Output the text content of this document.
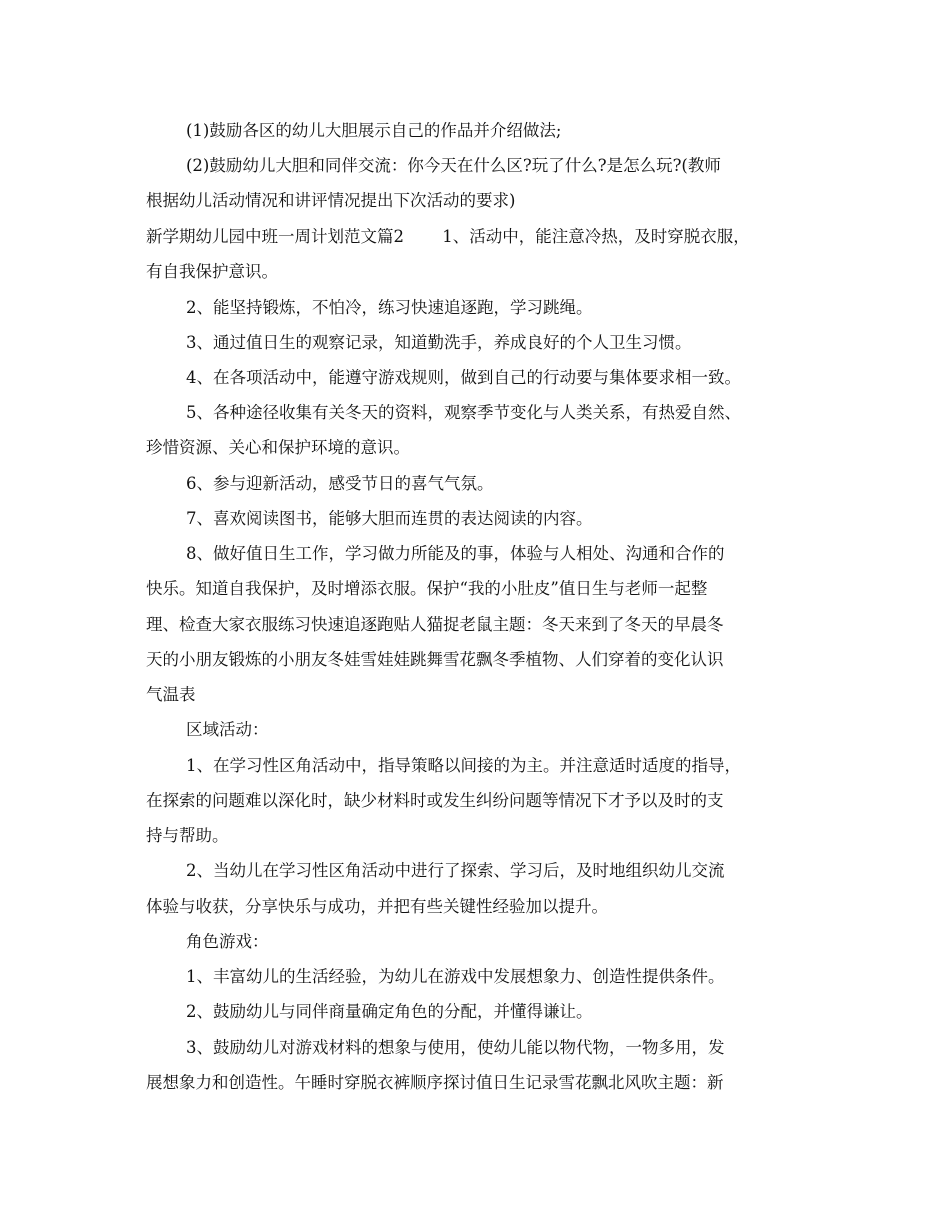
(1)鼓励各区的幼儿大胆展示自己的作品并介绍做法;
(2)鼓励幼儿大胆和同伴交流：你今天在什么区?玩了什么?是怎么玩?(教师
根据幼儿活动情况和讲评情况提出下次活动的要求)
新学期幼儿园中班一周计划范文篇2　　 1、活动中，能注意冷热，及时穿脱衣服，
有自我保护意识。
2、能坚持锻炼，不怕冷，练习快速追逐跑，学习跳绳。
3、通过值日生的观察记录，知道勤洗手，养成良好的个人卫生习惯。
4、在各项活动中，能遵守游戏规则，做到自己的行动要与集体要求相一致。
5、各种途径收集有关冬天的资料，观察季节变化与人类关系，有热爱自然、
珍惜资源、关心和保护环境的意识。
6、参与迎新活动，感受节日的喜气气氛。
7、喜欢阅读图书，能够大胆而连贯的表达阅读的内容。
8、做好值日生工作，学习做力所能及的事，体验与人相处、沟通和合作的
快乐。知道自我保护，及时增添衣服。保护“我的小肚皮”值日生与老师一起整
理、检查大家衣服练习快速追逐跑贴人猫捉老鼠主题：冬天来到了冬天的早晨冬
天的小朋友锻炼的小朋友冬娃雪娃娃跳舞雪花飘冬季植物、人们穿着的变化认识
气温表
区域活动：
1、在学习性区角活动中，指导策略以间接的为主。并注意适时适度的指导，
在探索的问题难以深化时，缺少材料时或发生纠纷问题等情况下才予以及时的支
持与帮助。
2、当幼儿在学习性区角活动中进行了探索、学习后，及时地组织幼儿交流
体验与收获，分享快乐与成功，并把有些关键性经验加以提升。
角色游戏：
1、丰富幼儿的生活经验，为幼儿在游戏中发展想象力、创造性提供条件。
2、鼓励幼儿与同伴商量确定角色的分配，并懂得谦让。
3、鼓励幼儿对游戏材料的想象与使用，使幼儿能以物代物，一物多用，发
展想象力和创造性。午睡时穿脱衣裤顺序探讨值日生记录雪花飘北风吹主题：新
